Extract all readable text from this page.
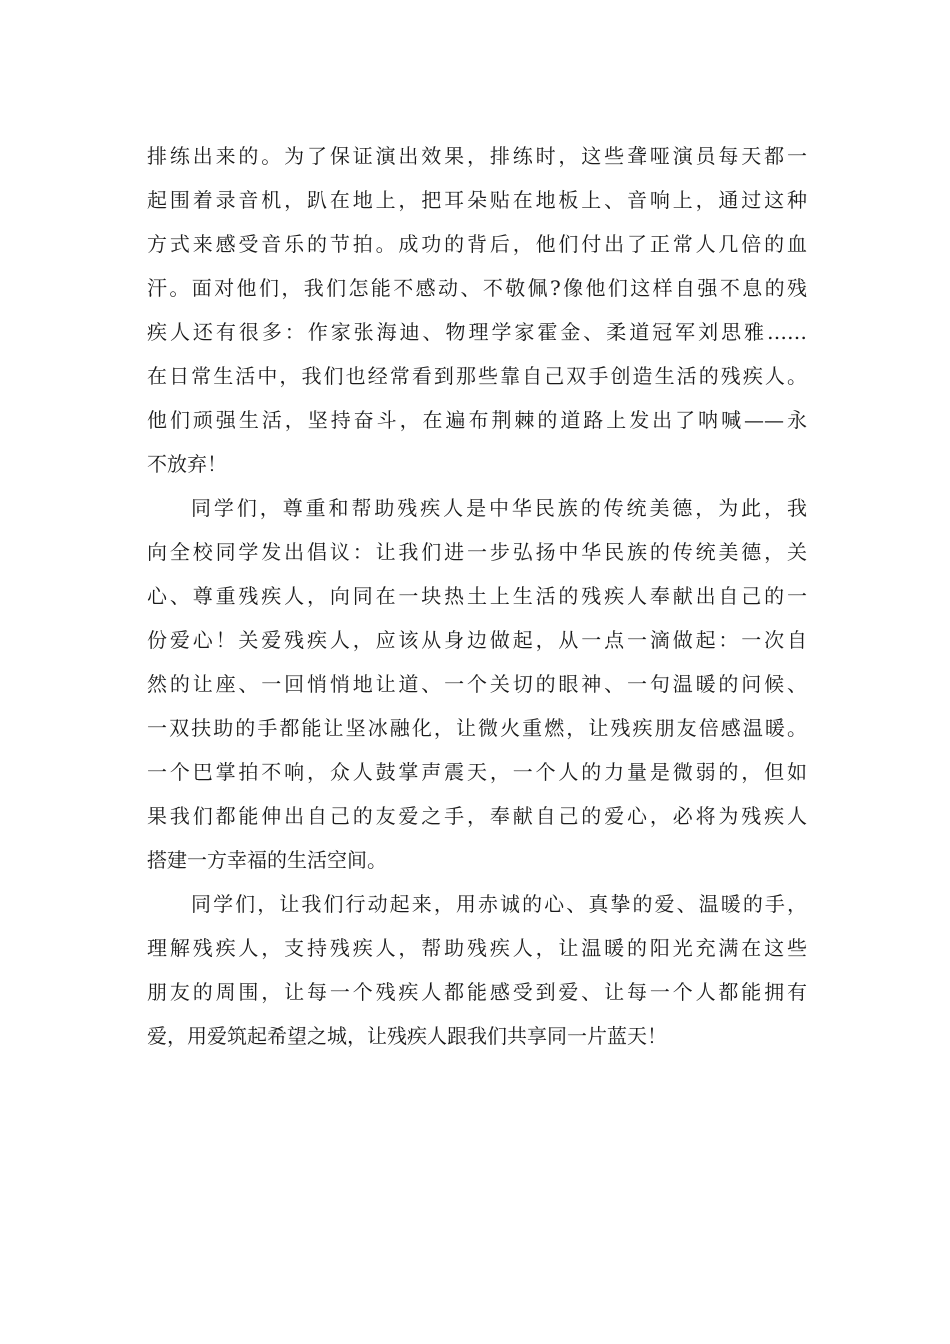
排练出来的。为了保证演出效果，排练时，这些聋哑演员每天都一
起围着录音机，趴在地上，把耳朵贴在地板上、音响上，通过这种
方式来感受音乐的节拍。成功的背后，他们付出了正常人几倍的血
汗。面对他们，我们怎能不感动、不敬佩?像他们这样自强不息的残
疾人还有很多：作家张海迪、物理学家霍金、柔道冠军刘思雅……
在日常生活中，我们也经常看到那些靠自己双手创造生活的残疾人。
他们顽强生活，坚持奋斗，在遍布荆棘的道路上发出了呐喊——永
不放弃！
同学们，尊重和帮助残疾人是中华民族的传统美德，为此，我
向全校同学发出倡议：让我们进一步弘扬中华民族的传统美德，关
心、尊重残疾人，向同在一块热土上生活的残疾人奉献出自己的一
份爱心！关爱残疾人，应该从身边做起，从一点一滴做起：一次自
然的让座、一回悄悄地让道、一个关切的眼神、一句温暖的问候、
一双扶助的手都能让坚冰融化，让微火重燃，让残疾朋友倍感温暖。
一个巴掌拍不响，众人鼓掌声震天，一个人的力量是微弱的，但如
果我们都能伸出自己的友爱之手，奉献自己的爱心，必将为残疾人
搭建一方幸福的生活空间。
同学们，让我们行动起来，用赤诚的心、真挚的爱、温暖的手，
理解残疾人，支持残疾人，帮助残疾人，让温暖的阳光充满在这些
朋友的周围，让每一个残疾人都能感受到爱、让每一个人都能拥有
爱，用爱筑起希望之城，让残疾人跟我们共享同一片蓝天！
